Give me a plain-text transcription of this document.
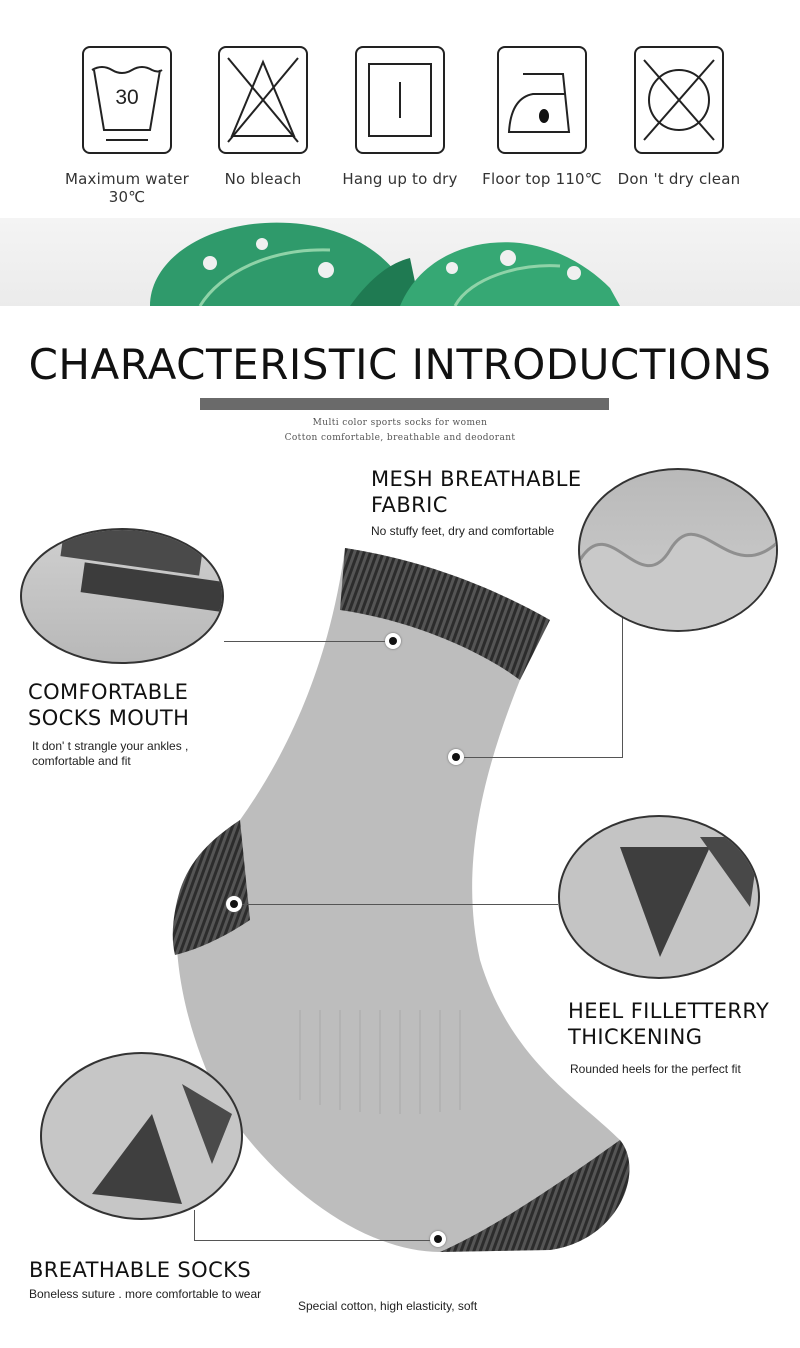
30
Maximum water 30℃
No bleach	Hang up to dry	Floor top 110℃	Don 't dry clean
CHARACTERISTIC INTRODUCTIONS
Multi color sports socks for women
Cotton comfortable, breathable and deodorant
MESH BREATHABLE
FABRIC
No stuffy feet, dry and comfortable
COMFORTABLE
SOCKS MOUTH
It don' t strangle your ankles ,
comfortable and fit
HEEL FILLETTERRY
THICKENING
Rounded heels for the perfect fit
BREATHABLE SOCKS
Boneless suture . more comfortable to wear
Special cotton, high elasticity, soft
